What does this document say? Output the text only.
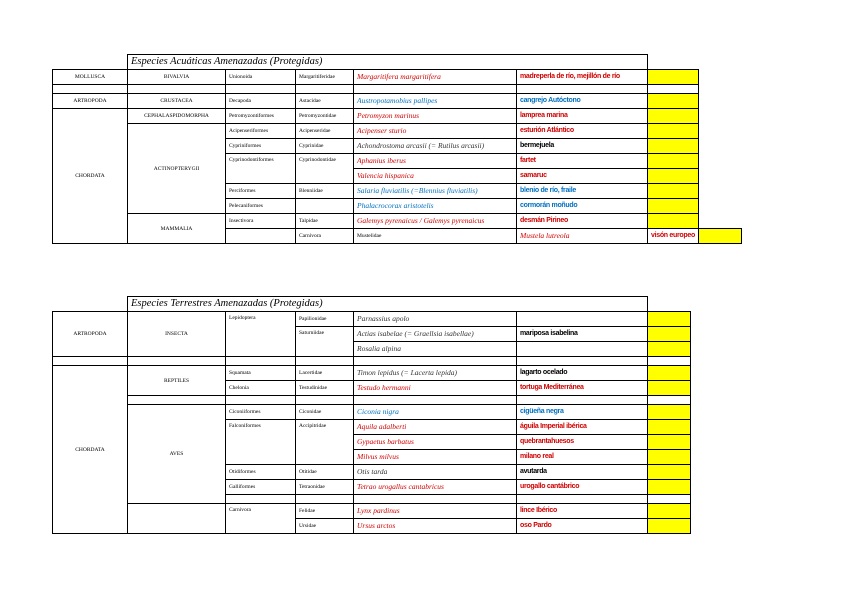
	Especies Acuáticas Amenazadas (Protegidas)						
MOLLUSCA	BIVALVIA	Unionoida	Margaritiferidae	Margaritifera margaritifera	madreperla de río, mejillón de río		

ARTROPODA	CRUSTACEA	Decapoda	Astacidae	Austropotamobius pallipes	cangrejo Autóctono		
CHORDATA	CEPHALASPIDOMORPHA	Petromyzontiformes	Petromyzontidae	Petromyzon marinus	lamprea marina		
	ACTINOPTERYGII	Acipenseriformes	Acipenseridae	Acipenser sturio	esturión Atlántico		
		Cypriniformes	Cyprinidae	Achondrostoma arcasii (= Rutilus arcasii)	bermejuela		
		Cyprinodontiformes	Cyprinodontidae	Aphanius iberus	fartet		
				Valencia hispanica	samaruc		
		Perciformes	Blenniidae	Salaria fluviatilis (=Blennius fluviatilis)	blenio de río, fraile		
		Pelecaniformes		Phalacrocorax aristotelis	cormorán moñudo		
	MAMMALIA	Insectivora	Talpidae	Galemys pyrenaicus / Galemys pyrenaicus	desmán Pirineo		
			Carnivora	Mustelidae	Mustela lutreola	visón europeo	
	Especies Terrestres Amenazadas (Protegidas)					
ARTROPODA	INSECTA	Lepidoptera	Papilionidae	Parnassius apolo		
			Saturniidae	Actias isabelae (= Graellsia isabellae)	mariposa isabelina	
				Rosalia alpina		

CHORDATA	REPTILES	Squamata	Lacertidae	Timon lepidus (= Lacerta lepida)	lagarto ocelado	
		Chelonia	Testudinidae	Testudo hermanni	tortuga Mediterránea	

	AVES	Ciconiiformes	Ciconidae	Ciconia nigra	cigüeña negra	
		Falconiformes	Accipitridae	Aquila adalberti	águila Imperial ibérica	
				Gypaetus barbatus	quebrantahuesos	
				Milvus milvus	milano real	
		Otidiformes	Otitidae	Otis tarda	avutarda	
		Galliformes	Tetraonidae	Tetrao urogallus cantabricus	urogallo cantábrico	

		Carnivora	Felidae	Lynx pardinus	lince Ibérico	
			Ursidae	Ursus arctos	oso Pardo	
